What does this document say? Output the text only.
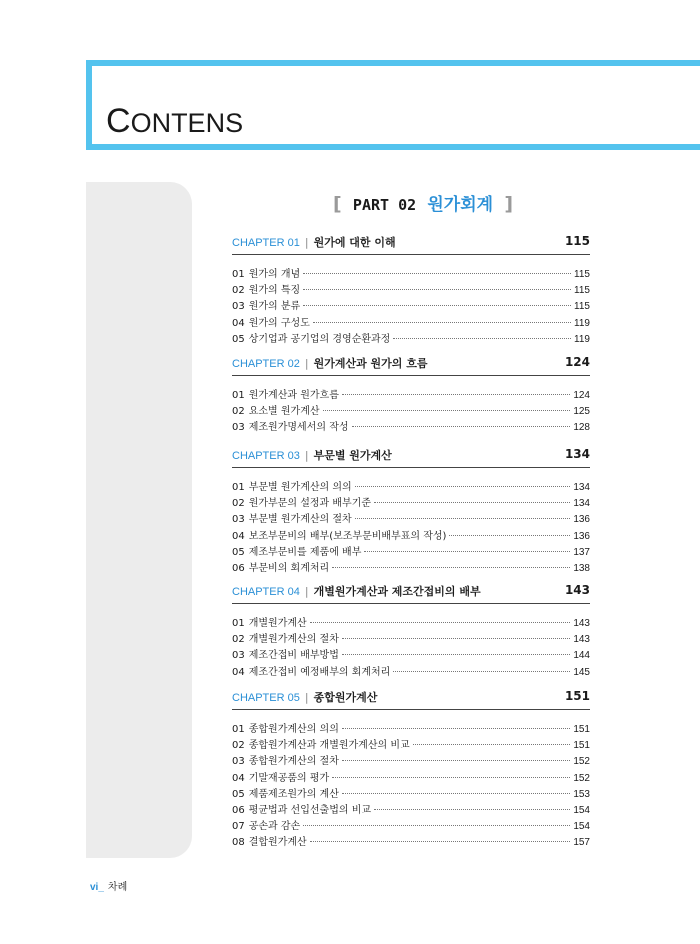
CONTENS
[ PART 02 원가회계 ]
CHAPTER 01 | 원가에 대한 이해	115
01 원가의 개념	115
02 원가의 특징	115
03 원가의 분류	115
04 원가의 구성도	119
05 상기업과 공기업의 경영순환과정	119
CHAPTER 02 | 원가계산과 원가의 흐름	124
01 원가계산과 원가흐름	124
02 요소별 원가계산	125
03 제조원가명세서의 작성	128
CHAPTER 03 | 부문별 원가계산	134
01 부문별 원가계산의 의의	134
02 원가부문의 설정과 배부기준	134
03 부문별 원가계산의 절차	136
04 보조부문비의 배부(보조부문비배부표의 작성)	136
05 제조부문비를 제품에 배부	137
06 부문비의 회계처리	138
CHAPTER 04 | 개별원가계산과 제조간접비의 배부	143
01 개별원가계산	143
02 개별원가계산의 절차	143
03 제조간접비 배부방법	144
04 제조간접비 예정배부의 회계처리	145
CHAPTER 05 | 종합원가계산	151
01 종합원가계산의 의의	151
02 종합원가계산과 개별원가계산의 비교	151
03 종합원가계산의 절차	152
04 기말재공품의 평가	152
05 제품제조원가의 계산	153
06 평균법과 선입선출법의 비교	154
07 공손과 감손	154
08 결합원가계산	157
vi_ 차례
